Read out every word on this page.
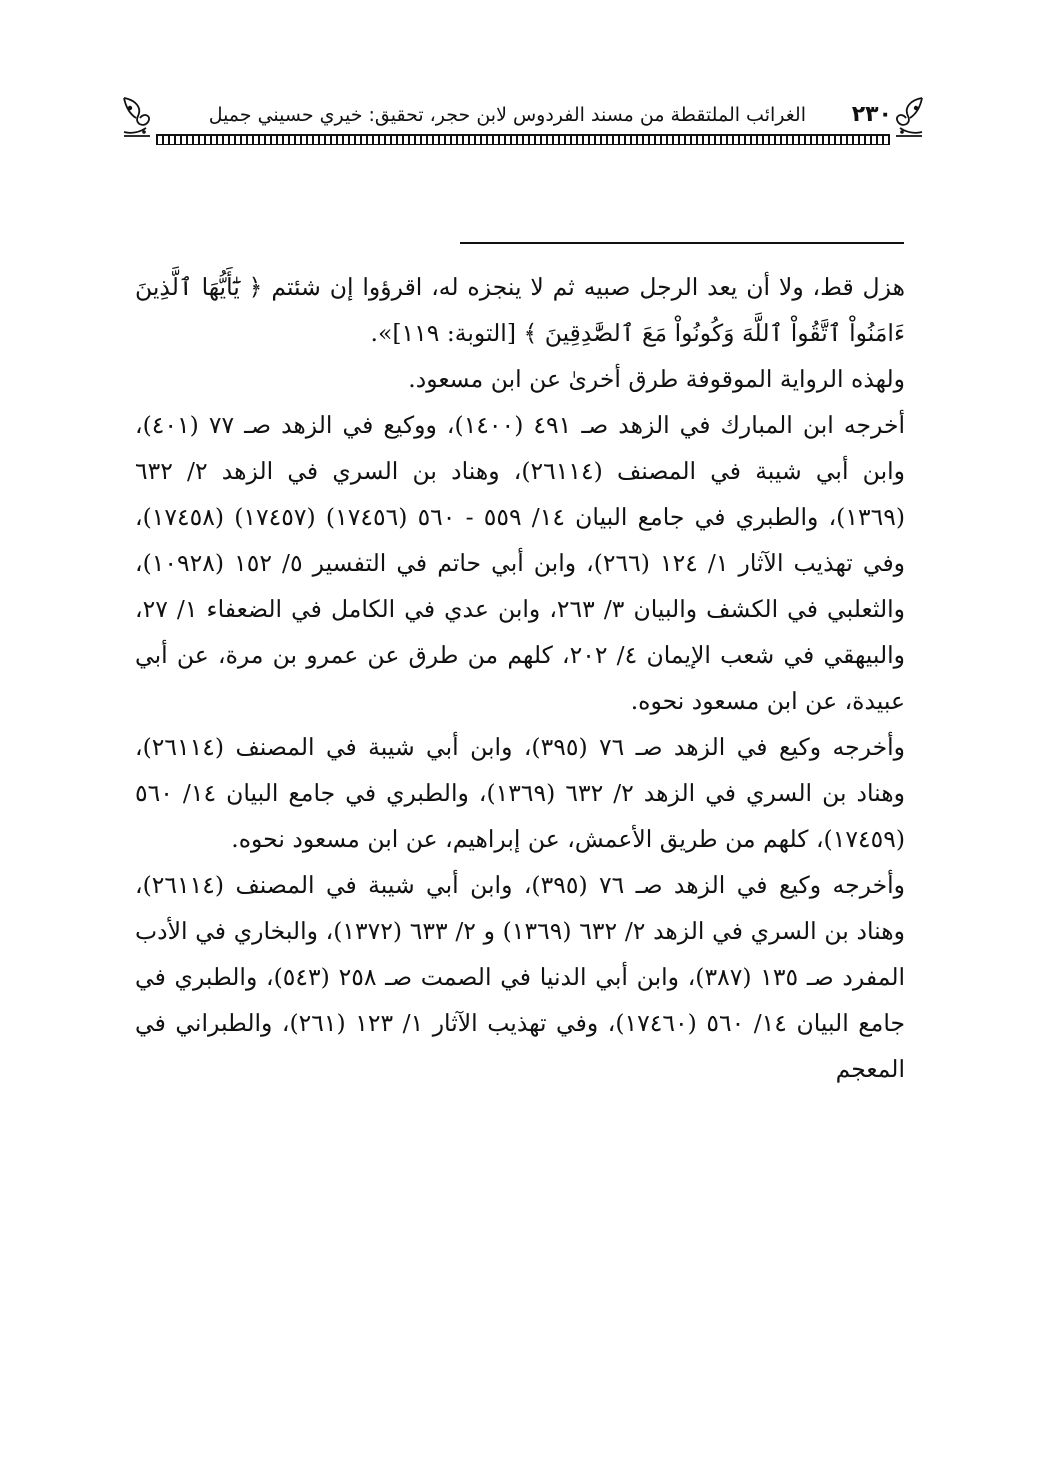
٢٣٠
الغرائب الملتقطة من مسند الفردوس لابن حجر، تحقيق: خيري حسيني جميل

هزل قط، ولا أن يعد الرجل صبيه ثم لا ينجزه له، اقرؤوا إن شئتم ﴿ يَٰٓأَيُّهَا ٱلَّذِينَ ءَامَنُواْ ٱتَّقُواْ ٱللَّهَ وَكُونُواْ مَعَ ٱلصَّٰدِقِينَ ﴾ [التوبة: ١١٩]».

ولهذه الرواية الموقوفة طرق أخرىٰ عن ابن مسعود.

أخرجه ابن المبارك في الزهد صـ ٤٩١ (١٤٠٠)، ووكيع في الزهد صـ ٧٧ (٤٠١)، وابن أبي شيبة في المصنف (٢٦١١٤)، وهناد بن السري في الزهد ٢/ ٦٣٢ (١٣٦٩)، والطبري في جامع البيان ١٤/ ٥٥٩ - ٥٦٠ (١٧٤٥٦) (١٧٤٥٧) (١٧٤٥٨)، وفي تهذيب الآثار ١/ ١٢٤ (٢٦٦)، وابن أبي حاتم في التفسير ٥/ ١٥٢ (١٠٩٢٨)، والثعلبي في الكشف والبيان ٣/ ٢٦٣، وابن عدي في الكامل في الضعفاء ١/ ٢٧، والبيهقي في شعب الإيمان ٤/ ٢٠٢، كلهم من طرق عن عمرو بن مرة، عن أبي عبيدة، عن ابن مسعود نحوه.

وأخرجه وكيع في الزهد صـ ٧٦ (٣٩٥)، وابن أبي شيبة في المصنف (٢٦١١٤)، وهناد بن السري في الزهد ٢/ ٦٣٢ (١٣٦٩)، والطبري في جامع البيان ١٤/ ٥٦٠ (١٧٤٥٩)، كلهم من طريق الأعمش، عن إبراهيم، عن ابن مسعود نحوه.

وأخرجه وكيع في الزهد صـ ٧٦ (٣٩٥)، وابن أبي شيبة في المصنف (٢٦١١٤)، وهناد بن السري في الزهد ٢/ ٦٣٢ (١٣٦٩) و ٢/ ٦٣٣ (١٣٧٢)، والبخاري في الأدب المفرد صـ ١٣٥ (٣٨٧)، وابن أبي الدنيا في الصمت صـ ٢٥٨ (٥٤٣)، والطبري في جامع البيان ١٤/ ٥٦٠ (١٧٤٦٠)، وفي تهذيب الآثار ١/ ١٢٣ (٢٦١)، والطبراني في المعجم
